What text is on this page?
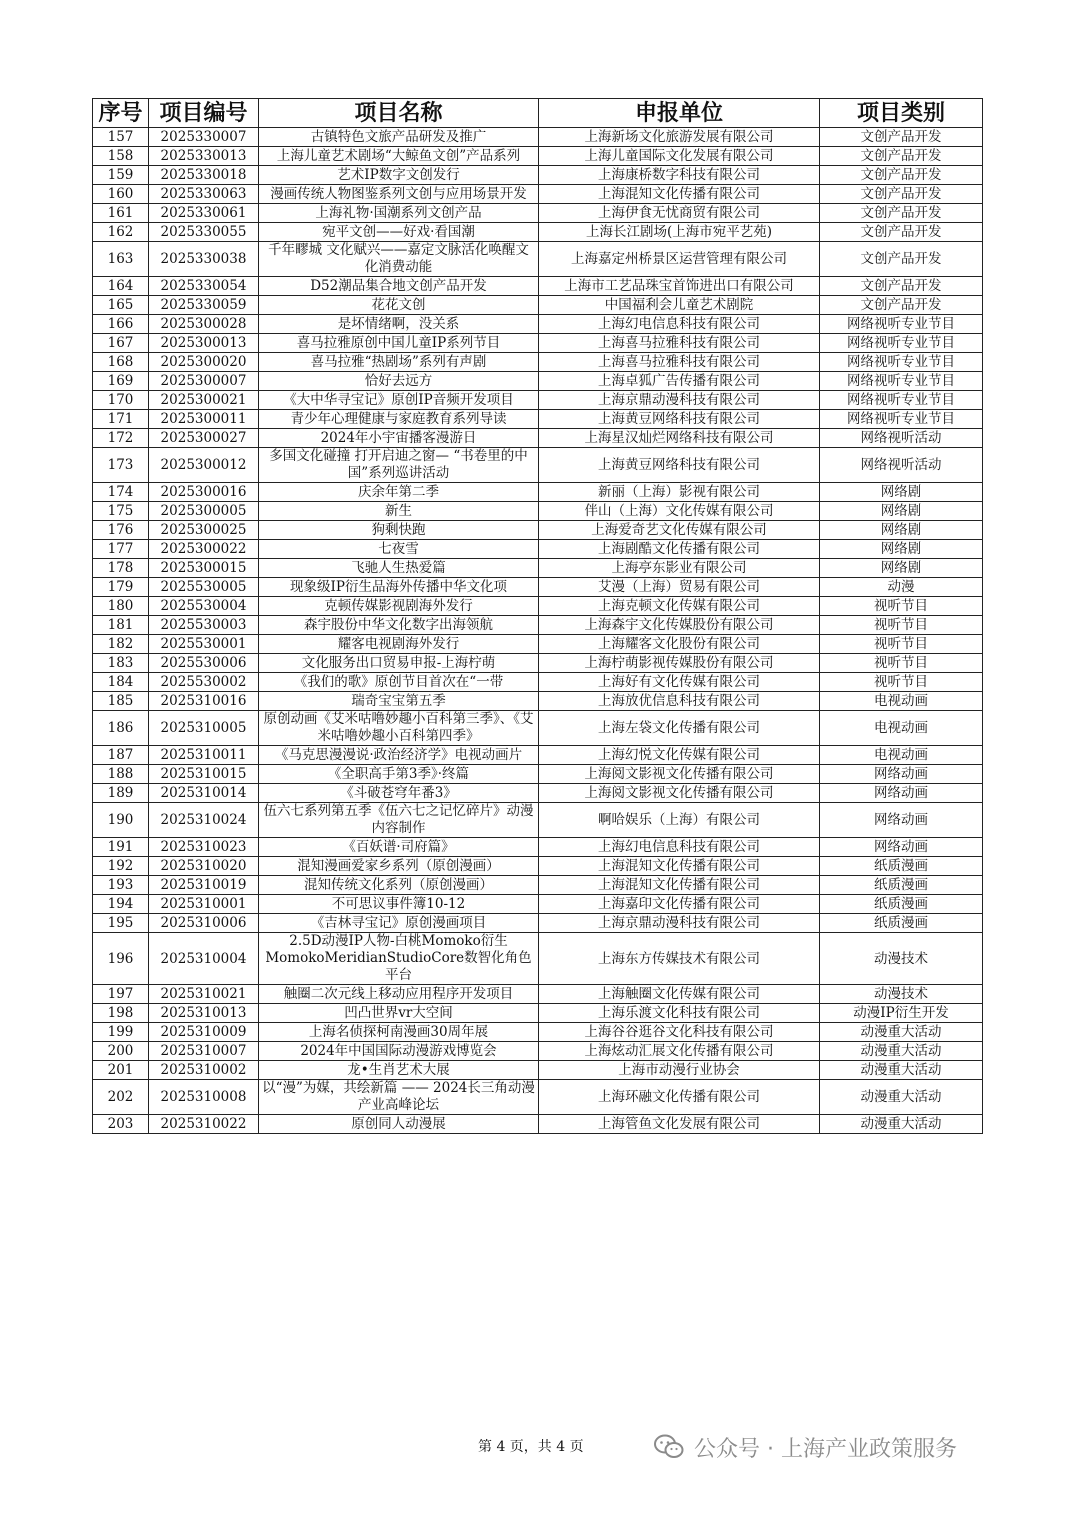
序号	项目编号	项目名称	申报单位	项目类别
157	2025330007	古镇特色文旅产品研发及推广	上海新场文化旅游发展有限公司	文创产品开发
158	2025330013	上海儿童艺术剧场“大鲸鱼文创”产品系列	上海儿童国际文化发展有限公司	文创产品开发
159	2025330018	艺术IP数字文创发行	上海康桥数字科技有限公司	文创产品开发
160	2025330063	漫画传统人物图鉴系列文创与应用场景开发	上海混知文化传播有限公司	文创产品开发
161	2025330061	上海礼物·国潮系列文创产品	上海伊食无忧商贸有限公司	文创产品开发
162	2025330055	宛平文创——好戏·看国潮	上海长江剧场(上海市宛平艺苑)	文创产品开发
163	2025330038	千年疁城 文化赋兴——嘉定文脉活化唤醒文化消费动能	上海嘉定州桥景区运营管理有限公司	文创产品开发
164	2025330054	D52潮品集合地文创产品开发	上海市工艺品珠宝首饰进出口有限公司	文创产品开发
165	2025330059	花花文创	中国福利会儿童艺术剧院	文创产品开发
166	2025300028	是坏情绪啊，没关系	上海幻电信息科技有限公司	网络视听专业节目
167	2025300013	喜马拉雅原创中国儿童IP系列节目	上海喜马拉雅科技有限公司	网络视听专业节目
168	2025300020	喜马拉雅“热剧场”系列有声剧	上海喜马拉雅科技有限公司	网络视听专业节目
169	2025300007	恰好去远方	上海卓狐广告传播有限公司	网络视听专业节目
170	2025300021	《大中华寻宝记》原创IP音频开发项目	上海京鼎动漫科技有限公司	网络视听专业节目
171	2025300011	青少年心理健康与家庭教育系列导读	上海黄豆网络科技有限公司	网络视听专业节目
172	2025300027	2024年小宇宙播客漫游日	上海星汉灿烂网络科技有限公司	网络视听活动
173	2025300012	多国文化碰撞 打开启迪之窗— “书卷里的中国”系列巡讲活动	上海黄豆网络科技有限公司	网络视听活动
174	2025300016	庆余年第二季	新丽（上海）影视有限公司	网络剧
175	2025300005	新生	伴山（上海）文化传媒有限公司	网络剧
176	2025300025	狗剩快跑	上海爱奇艺文化传媒有限公司	网络剧
177	2025300022	七夜雪	上海剧酷文化传播有限公司	网络剧
178	2025300015	飞驰人生热爱篇	上海亭东影业有限公司	网络剧
179	2025530005	现象级IP衍生品海外传播中华文化项	艾漫（上海）贸易有限公司	动漫
180	2025530004	克顿传媒影视剧海外发行	上海克顿文化传媒有限公司	视听节目
181	2025530003	森宇股份中华文化数字出海领航	上海森宇文化传媒股份有限公司	视听节目
182	2025530001	耀客电视剧海外发行	上海耀客文化股份有限公司	视听节目
183	2025530006	文化服务出口贸易申报-上海柠萌	上海柠萌影视传媒股份有限公司	视听节目
184	2025530002	《我们的歌》原创节目首次在“一带	上海好有文化传媒有限公司	视听节目
185	2025310016	瑞奇宝宝第五季	上海放优信息科技有限公司	电视动画
186	2025310005	原创动画《艾米咕噜妙趣小百科第三季》、《艾米咕噜妙趣小百科第四季》	上海左袋文化传播有限公司	电视动画
187	2025310011	《马克思漫漫说·政治经济学》电视动画片	上海幻悦文化传媒有限公司	电视动画
188	2025310015	《全职高手第3季》·终篇	上海阅文影视文化传播有限公司	网络动画
189	2025310014	《斗破苍穹年番3》	上海阅文影视文化传播有限公司	网络动画
190	2025310024	伍六七系列第五季《伍六七之记忆碎片》动漫内容制作	啊哈娱乐（上海）有限公司	网络动画
191	2025310023	《百妖谱·司府篇》	上海幻电信息科技有限公司	网络动画
192	2025310020	混知漫画爱家乡系列（原创漫画）	上海混知文化传播有限公司	纸质漫画
193	2025310019	混知传统文化系列（原创漫画）	上海混知文化传播有限公司	纸质漫画
194	2025310001	不可思议事件簿10-12	上海嘉印文化传播有限公司	纸质漫画
195	2025310006	《吉林寻宝记》原创漫画项目	上海京鼎动漫科技有限公司	纸质漫画
196	2025310004	2.5D动漫IP人物-白桃Momoko衍生MomokoMeridianStudioCore数智化角色平台	上海东方传媒技术有限公司	动漫技术
197	2025310021	触圈二次元线上移动应用程序开发项目	上海触圈文化传媒有限公司	动漫技术
198	2025310013	凹凸世界vr大空间	上海乐渡文化科技有限公司	动漫IP衍生开发
199	2025310009	上海名侦探柯南漫画30周年展	上海谷谷逛谷文化科技有限公司	动漫重大活动
200	2025310007	2024年中国国际动漫游戏博览会	上海炫动汇展文化传播有限公司	动漫重大活动
201	2025310002	龙•生肖艺术大展	上海市动漫行业协会	动漫重大活动
202	2025310008	以“漫”为媒，共绘新篇 —— 2024长三角动漫产业高峰论坛	上海环融文化传播有限公司	动漫重大活动
203	2025310022	原创同人动漫展	上海管鱼文化发展有限公司	动漫重大活动
第 4 页，共 4 页	公众号 · 上海产业政策服务
